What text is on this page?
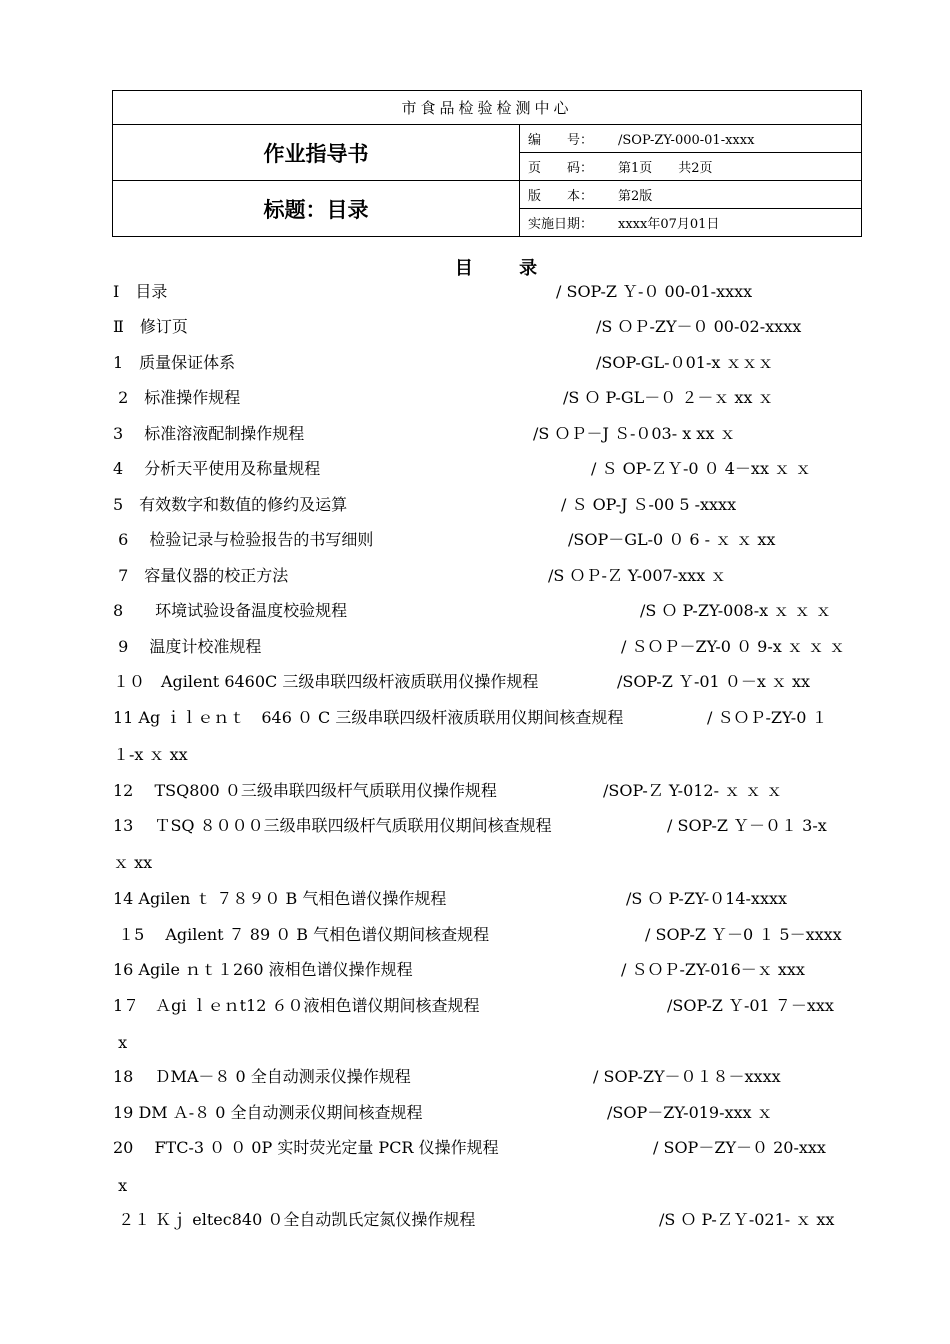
市食品检验检测中心	
作业指导书	编　　号： /SOP-ZY-000-01-xxxx
	页　　码： 第1页　　共2页
标题：目录	版　　本： 第2版
	实施日期： xxxx年07月01日
目 录
Ⅰ　目录	/ SOP-Z Ｙ-０ 00-01-xxxx
Ⅱ　修订页	/S ＯＰ-ZY－０ 00-02-xxxx
1　质量保证体系	/SOP-GL-０01-x ｘｘｘ
2　标准操作规程	/S Ｏ P-GL－０ ２－ｘ xx ｘ
3　 标准溶液配制操作规程	/S ＯＰ－J Ｓ-０03- x xx ｘ
4　 分析天平使用及称量规程	/ Ｓ OP-ＺＹ-0 ０ 4－xx ｘ ｘ
5　有效数字和数值的修约及运算	/ Ｓ OP-J Ｓ-00 5 -xxxx
6　 检验记录与检验报告的书写细则	/SOP－GL-0 ０ 6 - ｘ ｘ xx
7　容量仪器的校正方法	/S ＯＰ-Ｚ Y-007-xxx ｘ
8　　环境试验设备温度校验规程	/S Ｏ P-ZY-008-x ｘ ｘ ｘ
9　 温度计校准规程	/ ＳＯＰ－ZY-0 ０ 9-x ｘ ｘ ｘ
１０　Agilent 6460C 三级串联四级杆液质联用仪操作规程	/SOP-Z Ｙ-01 ０－x ｘ xx
11 Ag ｉｌｅｎｔ　646 ０ C 三级串联四级杆液质联用仪期间核查规程	/ ＳＯＰ-ZY-0 １
１-x ｘ xx
12　 TSQ800 ０三级串联四级杆气质联用仪操作规程	/SOP-Ｚ Y-012- ｘ ｘ ｘ
13　 ＴSQ ８０００三级串联四级杆气质联用仪期间核查规程	/ SOP-Z Ｙ－０１ 3-x
ｘ xx
14 Agilen ｔ ７８９０ B 气相色谱仪操作规程	/S Ｏ P-ZY-０14-xxxx
１5　 Agilent ７ 89 ０ B 气相色谱仪期间核查规程	/ SOP-Z Ｙ－0 １ 5－xxxx
16 Agile ｎｔ１260 液相色谱仪操作规程	/ ＳＯＰ-ZY-016－ｘ xxx
1７　Ａgi ｌｅｎt12 ６０液相色谱仪期间核查规程	/SOP-Z Ｙ-01 ７－xxx
x
18　 ＤMA－８ 0 全自动测汞仪操作规程	/ SOP-ZY－０１８－xxxx
19 DM Ａ-８ 0 全自动测汞仪期间核查规程	/SOP－ZY-019-xxx ｘ
20　 FTC-3 ０ ０ 0P 实时荧光定量 PCR 仪操作规程	/ SOP－ZY－０ 20-xxx
x
２１ Ｋｊ eltec840 ０全自动凯氏定氮仪操作规程	/S Ｏ P-ＺＹ-021- ｘ xx
